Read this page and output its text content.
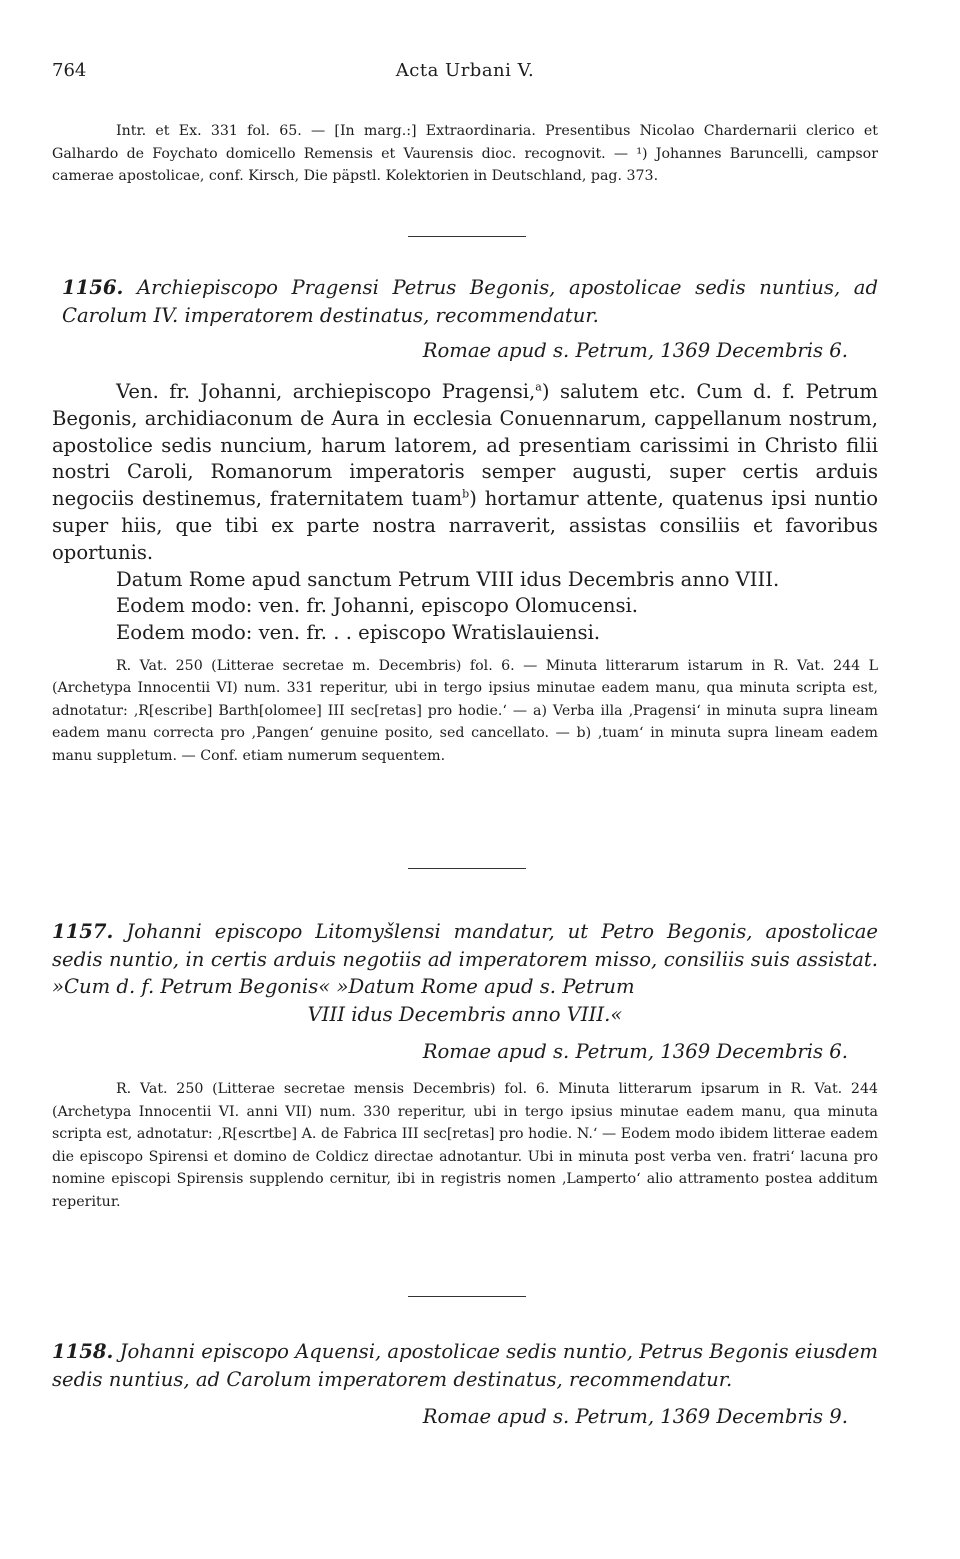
764	Acta Urbani V.

Intr. et Ex. 331 fol. 65. — [In marg.:] Extraordinaria. Presentibus Nicolao Chardernarii clerico et Galhardo de Foychato domicello Remensis et Vaurensis dioc. recognovit. — ¹) Johannes Baruncelli, campsor camerae apostolicae, conf. Kirsch, Die päpstl. Kolektorien in Deutschland, pag. 373.

1156. Archiepiscopo Pragensi Petrus Begonis, apostolicae sedis nuntius, ad Carolum IV. imperatorem destinatus, recommendatur.

Romae apud s. Petrum, 1369 Decembris 6.

Ven. fr. Johanni, archiepiscopo Pragensi,$^a$) salutem etc. Cum d. f. Petrum Begonis, archidiaconum de Aura in ecclesia Conuennarum, cappellanum nostrum, apostolice sedis nuncium, harum latorem, ad presentiam carissimi in Christo filii nostri Caroli, Romanorum imperatoris semper augusti, super certis arduis negociis destinemus, fraternitatem tuam$^b$) hortamur attente, quatenus ipsi nuntio super hiis, que tibi ex parte nostra narraverit, assistas consiliis et favoribus oportunis.

Datum Rome apud sanctum Petrum VIII idus Decembris anno VIII.

Eodem modo: ven. fr. Johanni, episcopo Olomucensi.

Eodem modo: ven. fr. . . episcopo Wratislauiensi.

R. Vat. 250 (Litterae secretae m. Decembris) fol. 6. — Minuta litterarum istarum in R. Vat. 244 L (Archetypa Innocentii VI) num. 331 reperitur, ubi in tergo ipsius minutae eadem manu, qua minuta scripta est, adnotatur: ‚R[escribe] Barth[olomee] III sec[retas] pro hodie.‘ — a) Verba illa ‚Pragensi‘ in minuta supra lineam eadem manu correcta pro ‚Pangen‘ genuine posito, sed cancellato. — b) ‚tuam‘ in minuta supra lineam eadem manu suppletum. — Conf. etiam numerum sequentem.

1157. Johanni episcopo Litomyšlensi mandatur, ut Petro Begonis, apostolicae sedis nuntio, in certis arduis negotiis ad imperatorem misso, consiliis suis assistat. »Cum d. f. Petrum Begonis« »Datum Rome apud s. Petrum

VIII idus Decembris anno VIII.«

Romae apud s. Petrum, 1369 Decembris 6.

R. Vat. 250 (Litterae secretae mensis Decembris) fol. 6. Minuta litterarum ipsarum in R. Vat. 244 (Archetypa Innocentii VI. anni VII) num. 330 reperitur, ubi in tergo ipsius minutae eadem manu, qua minuta scripta est, adnotatur: ‚R[escrtbe] A. de Fabrica III sec[retas] pro hodie. N.‘ — Eodem modo ibidem litterae eadem die episcopo Spirensi et domino de Coldicz directae adnotantur. Ubi in minuta post verba ven. fratri‘ lacuna pro nomine episcopi Spirensis supplendo cernitur, ibi in registris nomen ‚Lamperto‘ alio attramento postea additum reperitur.

1158. Johanni episcopo Aquensi, apostolicae sedis nuntio, Petrus Begonis eiusdem sedis nuntius, ad Carolum imperatorem destinatus, recommendatur.

Romae apud s. Petrum, 1369 Decembris 9.
